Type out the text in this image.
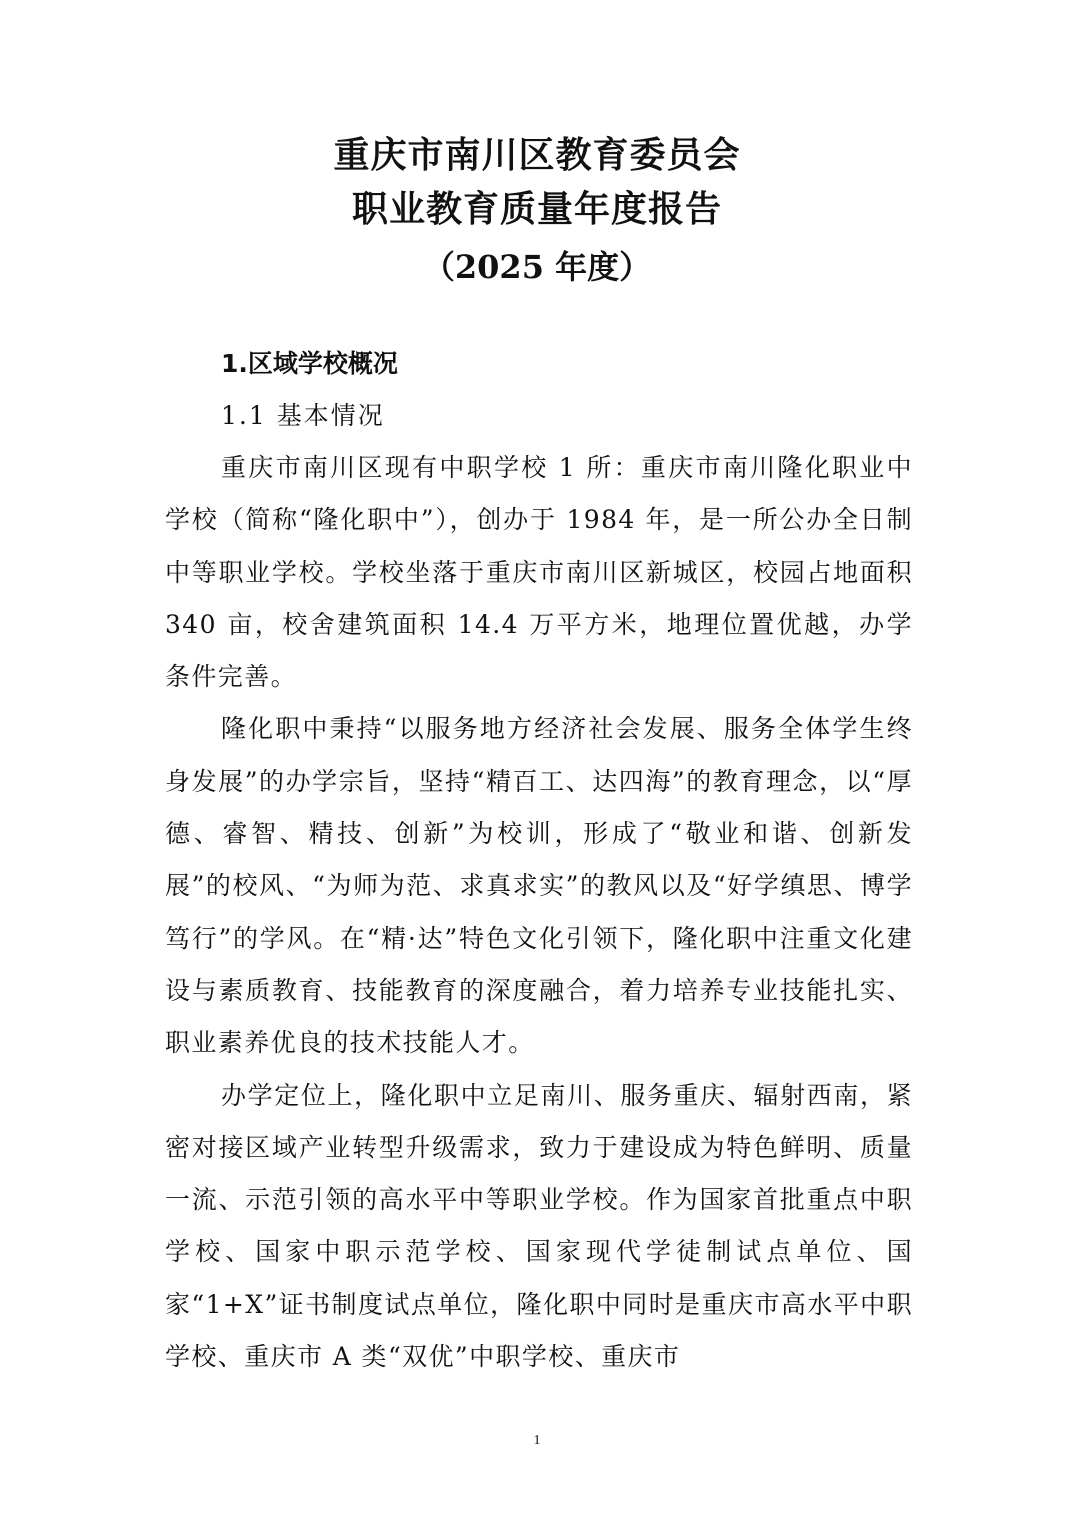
重庆市南川区教育委员会
职业教育质量年度报告
（2025 年度）

1.区域学校概况

1.1 基本情况

重庆市南川区现有中职学校 1 所：重庆市南川隆化职业中学校（简称“隆化职中”），创办于 1984 年，是一所公办全日制中等职业学校。学校坐落于重庆市南川区新城区，校园占地面积 340 亩，校舍建筑面积 14.4 万平方米，地理位置优越，办学条件完善。

隆化职中秉持“以服务地方经济社会发展、服务全体学生终身发展”的办学宗旨，坚持“精百工、达四海”的教育理念，以“厚德、睿智、精技、创新”为校训，形成了“敬业和谐、创新发展”的校风、“为师为范、求真求实”的教风以及“好学缜思、博学笃行”的学风。在“精·达”特色文化引领下，隆化职中注重文化建设与素质教育、技能教育的深度融合，着力培养专业技能扎实、职业素养优良的技术技能人才。

办学定位上，隆化职中立足南川、服务重庆、辐射西南，紧密对接区域产业转型升级需求，致力于建设成为特色鲜明、质量一流、示范引领的高水平中等职业学校。作为国家首批重点中职学校、国家中职示范学校、国家现代学徒制试点单位、国家“1+X”证书制度试点单位，隆化职中同时是重庆市高水平中职学校、重庆市 A 类“双优”中职学校、重庆市

1
